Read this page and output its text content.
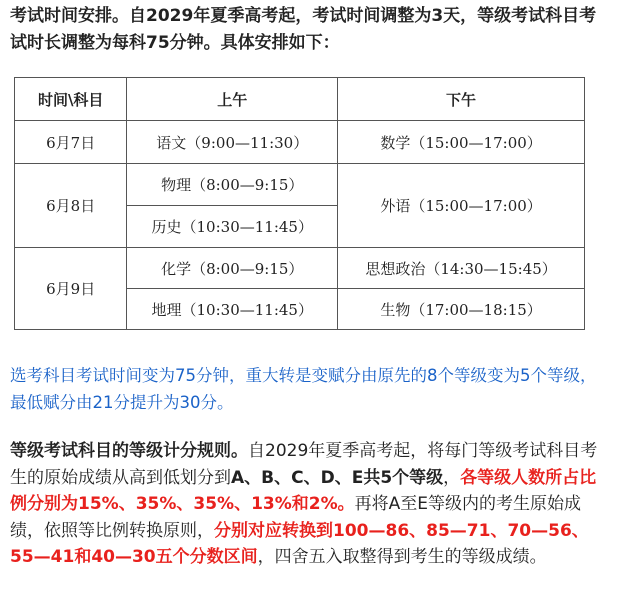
考试时间安排。自2029年夏季高考起，考试时间调整为3天，等级考试科目考试时长调整为每科75分钟。具体安排如下：
时间\科目	上午	下午
6月7日	语文（9:00—11:30）	数学（15:00—17:00）
6月8日	物理（8:00—9:15）	外语（15:00—17:00）
	历史（10:30—11:45）	
6月9日	化学（8:00—9:15）	思想政治（14:30—15:45）
	地理（10:30—11:45）	生物（17:00—18:15）
选考科目考试时间变为75分钟，重大转是变赋分由原先的8个等级变为5个等级，最低赋分由21分提升为30分。
等级考试科目的等级计分规则。自2029年夏季高考起，将每门等级考试科目考生的原始成绩从高到低划分到A、B、C、D、E共5个等级，各等级人数所占比例分别为15%、35%、35%、13%和2%。再将A至E等级内的考生原始成绩，依照等比例转换原则，分别对应转换到100—86、85—71、70—56、55—41和40—30五个分数区间，四舍五入取整得到考生的等级成绩。
